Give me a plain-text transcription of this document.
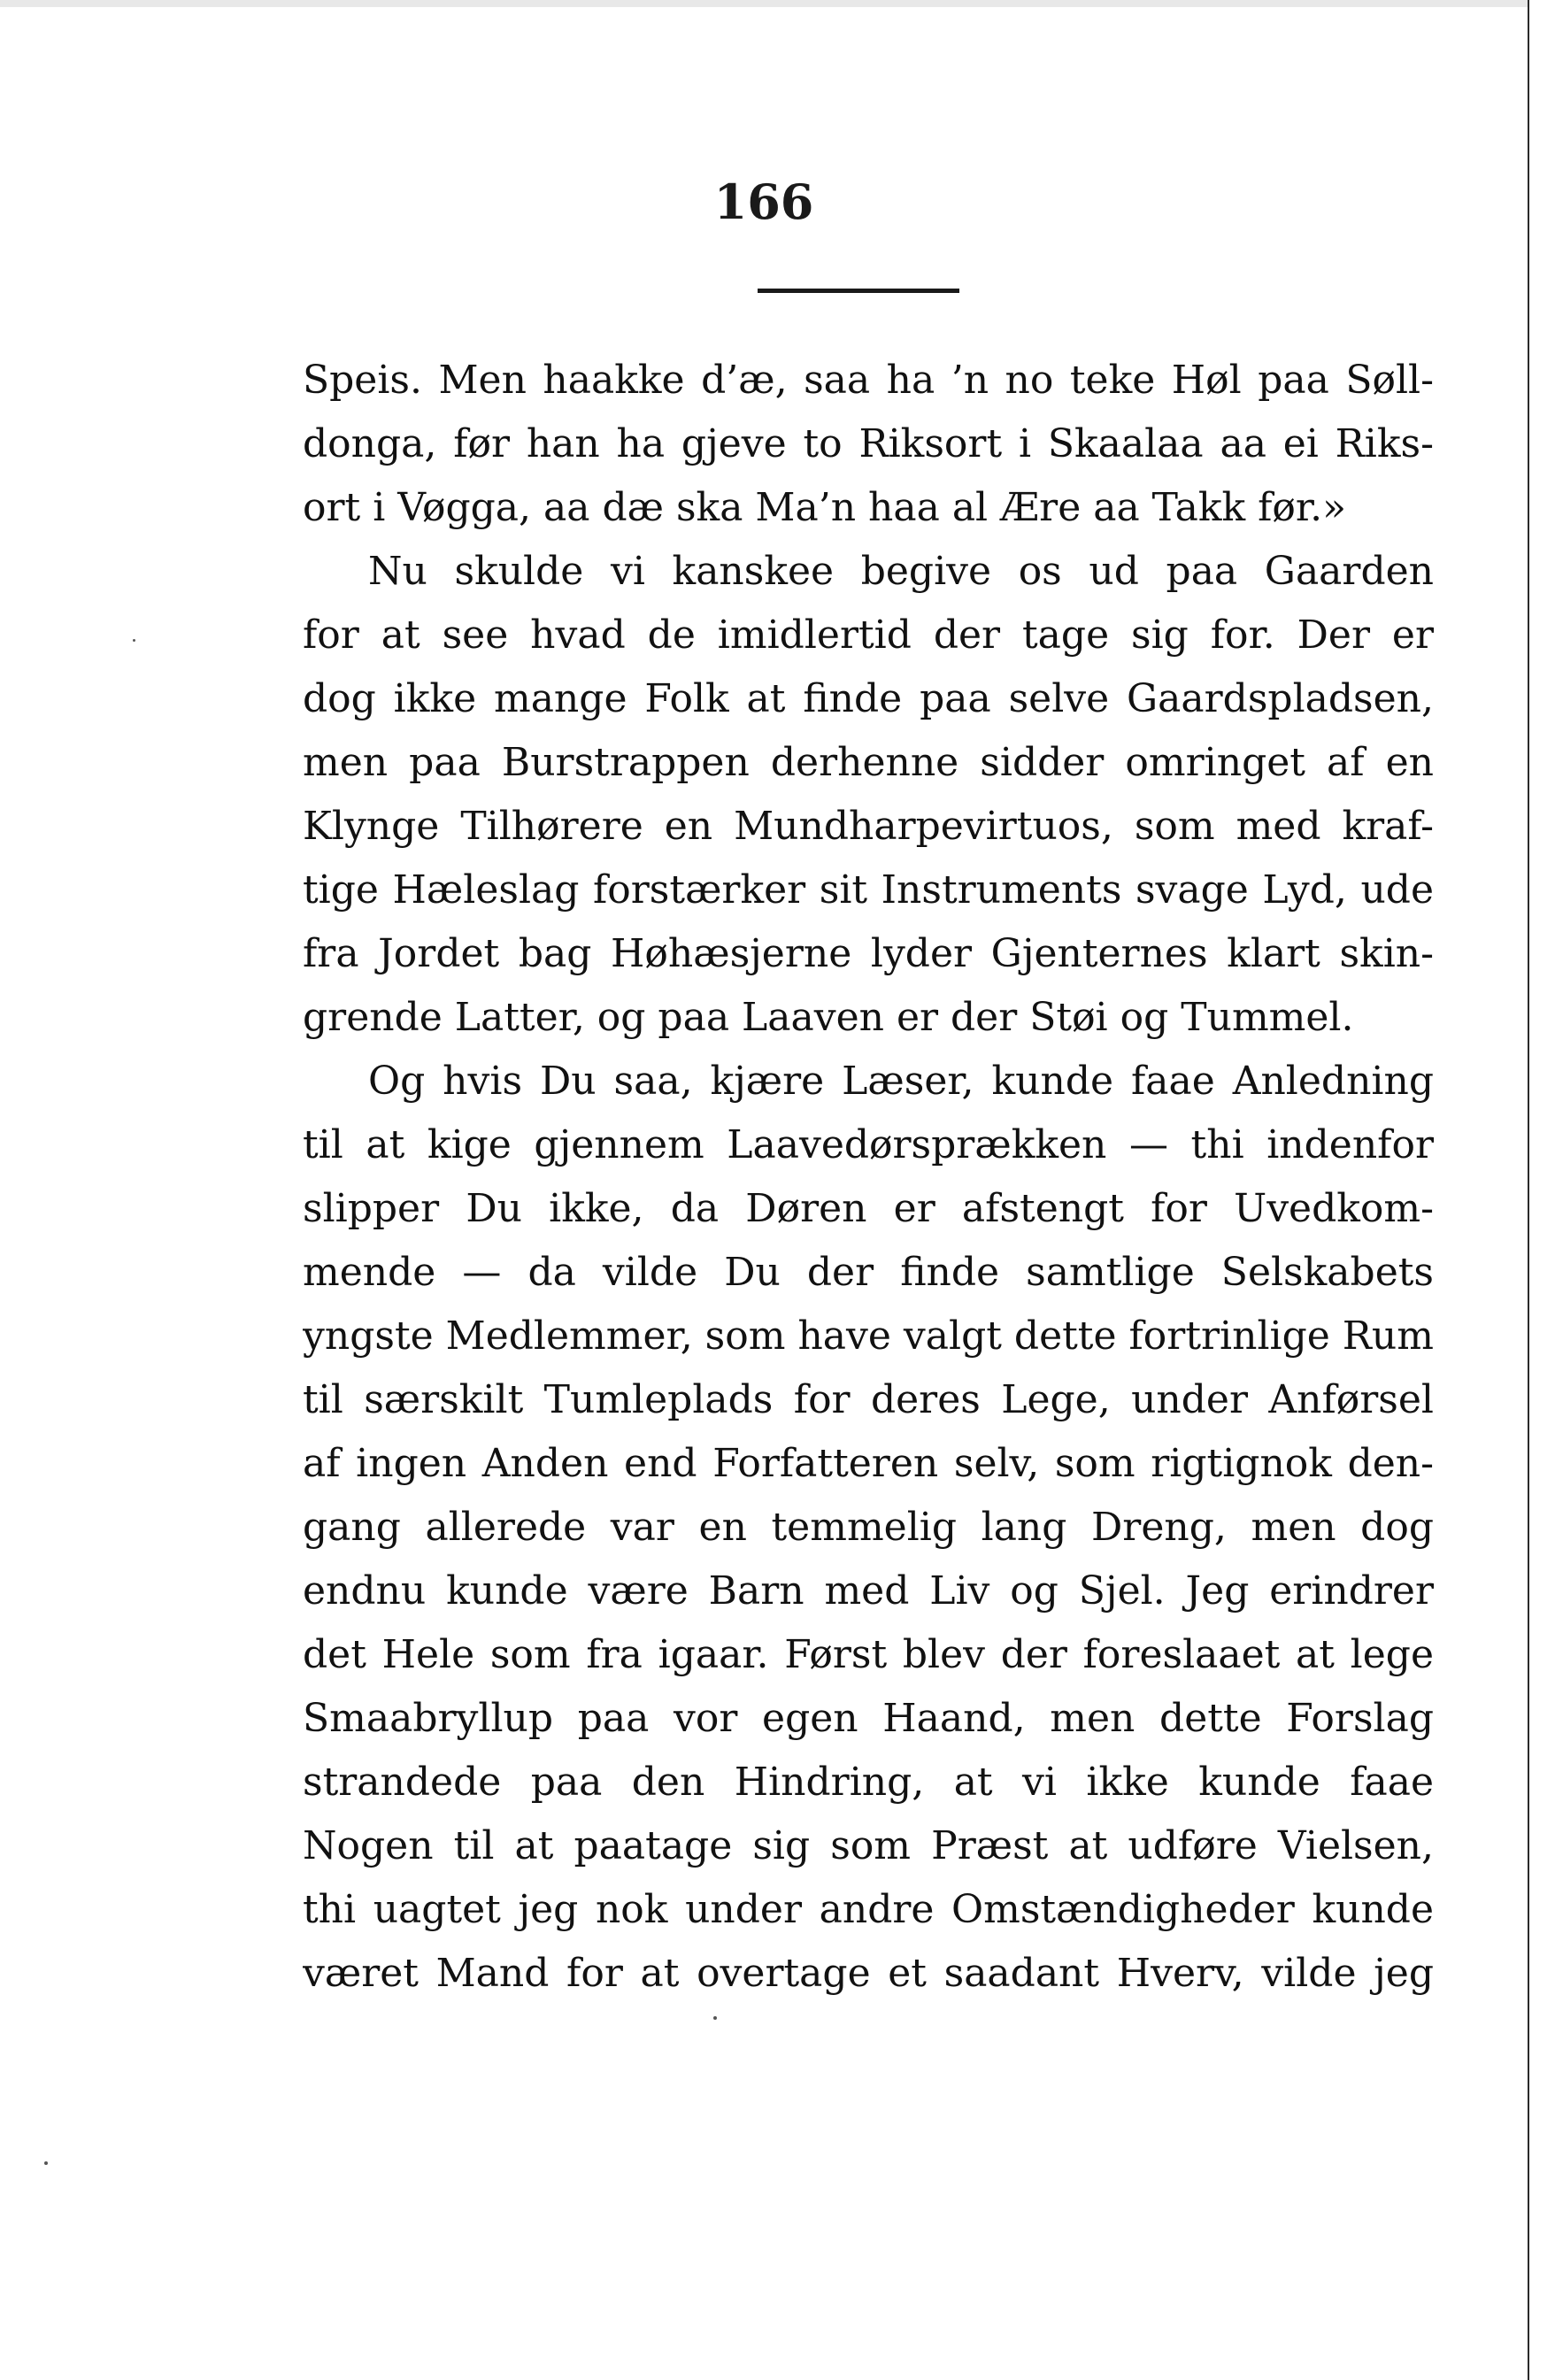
166
Speis. Men haakke d’æ, saa ha ’n no teke Høl paa Søll-
donga, før han ha gjeve to Riksort i Skaalaa aa ei Riks-
ort i Vøgga, aa dæ ska Ma’n haa al Ære aa Takk før.»
Nu skulde vi kanskee begive os ud paa Gaarden
for at see hvad de imidlertid der tage sig for. Der er
dog ikke mange Folk at finde paa selve Gaardspladsen,
men paa Burstrappen derhenne sidder omringet af en
Klynge Tilhørere en Mundharpevirtuos, som med kraf-
tige Hæleslag forstærker sit Instruments svage Lyd, ude
fra Jordet bag Høhæsjerne lyder Gjenternes klart skin-
grende Latter, og paa Laaven er der Støi og Tummel.
Og hvis Du saa, kjære Læser, kunde faae Anledning
til at kige gjennem Laavedørsprækken — thi indenfor
slipper Du ikke, da Døren er afstengt for Uvedkom-
mende — da vilde Du der finde samtlige Selskabets
yngste Medlemmer, som have valgt dette fortrinlige Rum
til særskilt Tumleplads for deres Lege, under Anførsel
af ingen Anden end Forfatteren selv, som rigtignok den-
gang allerede var en temmelig lang Dreng, men dog
endnu kunde være Barn med Liv og Sjel. Jeg erindrer
det Hele som fra igaar. Først blev der foreslaaet at lege
Smaabryllup paa vor egen Haand, men dette Forslag
strandede paa den Hindring, at vi ikke kunde faae
Nogen til at paatage sig som Præst at udføre Vielsen,
thi uagtet jeg nok under andre Omstændigheder kunde
været Mand for at overtage et saadant Hverv, vilde jeg
